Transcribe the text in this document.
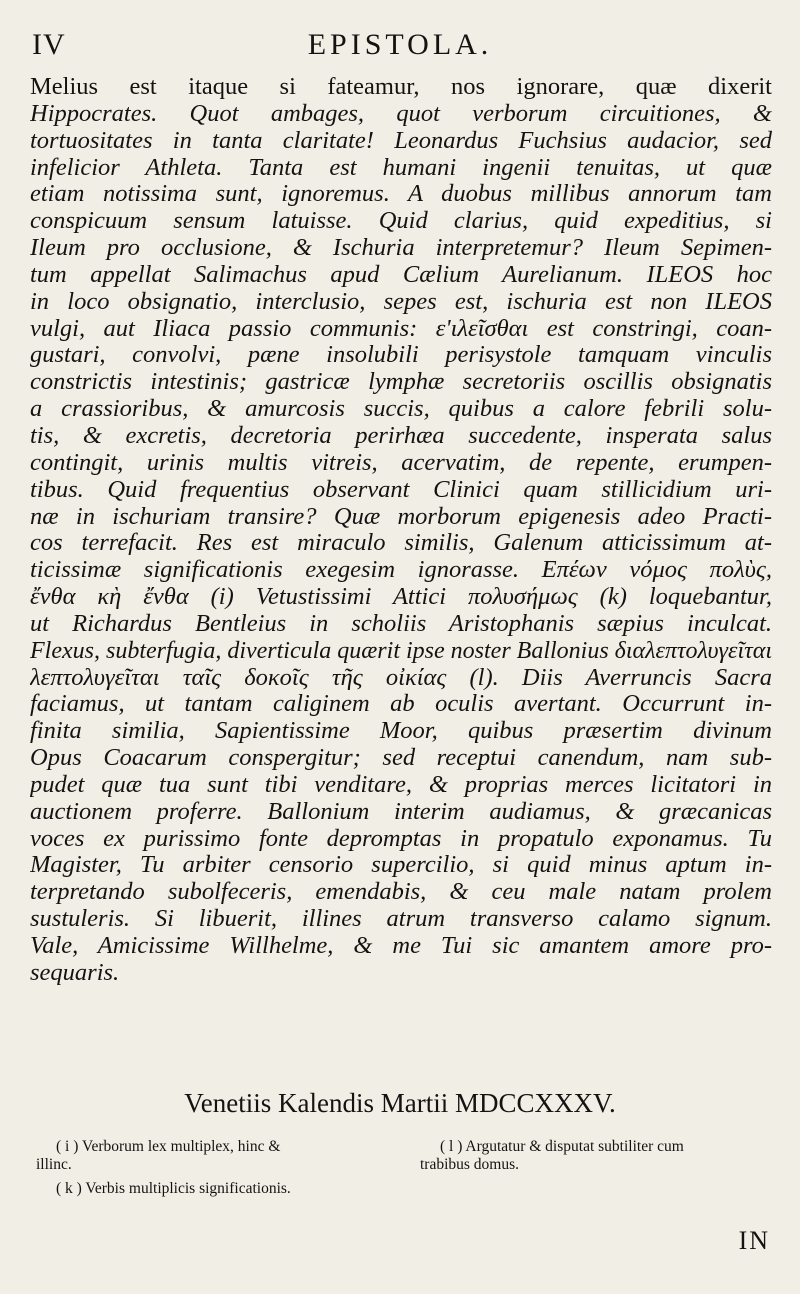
IV	EPISTOLA.
Melius est itaque si fateamur, nos ignorare, quæ dixerit
Hippocrates. Quot ambages, quot verborum circuitiones, &
tortuositates in tanta claritate! Leonardus Fuchsius audacior, sed
infelicior Athleta. Tanta est humani ingenii tenuitas, ut quæ
etiam notissima sunt, ignoremus. A duobus millibus annorum tam
conspicuum sensum latuisse. Quid clarius, quid expeditius, si
Ileum pro occlusione, & Ischuria interpretemur? Ileum Sepimen-
tum appellat Salimachus apud Cælium Aurelianum. ILEOS hoc
in loco obsignatio, interclusio, sepes est, ischuria est non ILEOS
vulgi, aut Iliaca passio communis: ε'ιλεῖσθαι est constringi, coan-
gustari, convolvi, pæne insolubili perisystole tamquam vinculis
constrictis intestinis; gastricæ lymphæ secretoriis oscillis obsignatis
a crassioribus, & amurcosis succis, quibus a calore febrili solu-
tis, & excretis, decretoria perirhæa succedente, insperata salus
contingit, urinis multis vitreis, acervatim, de repente, erumpen-
tibus. Quid frequentius observant Clinici quam stillicidium uri-
næ in ischuriam transire? Quæ morborum epigenesis adeo Practi-
cos terrefacit. Res est miraculo similis, Galenum atticissimum at-
ticissimæ significationis exegesim ignorasse. Επέων νόμος πολὺς,
ἔνθα κὴ ἔνθα (i) Vetustissimi Attici πολυσήμως (k) loquebantur,
ut Richardus Bentleius in scholiis Aristophanis sæpius inculcat.
Flexus, subterfugia, diverticula quærit ipse noster Ballonius διαλεπτολυγεῖται
λεπτολυγεῖται ταῖς δοκοῖς τῆς οἰκίας (l). Diis Averruncis Sacra
faciamus, ut tantam caliginem ab oculis avertant. Occurrunt in-
finita similia, Sapientissime Moor, quibus præsertim divinum
Opus Coacarum conspergitur; sed receptui canendum, nam sub-
pudet quæ tua sunt tibi venditare, & proprias merces licitatori in
auctionem proferre. Ballonium interim audiamus, & græcanicas
voces ex purissimo fonte depromptas in propatulo exponamus. Tu
Magister, Tu arbiter censorio supercilio, si quid minus aptum in-
terpretando subolfeceris, emendabis, & ceu male natam prolem
sustuleris. Si libuerit, illines atrum transverso calamo signum.
Vale, Amicissime Willhelme, & me Tui sic amantem amore pro-
sequaris.
Venetiis Kalendis Martii MDCCXXXV.
( i ) Verborum lex multiplex, hinc &
illinc.
( k ) Verbis multiplicis significationis.
( l ) Argutatur & disputat subtiliter cum
trabibus domus.
IN
